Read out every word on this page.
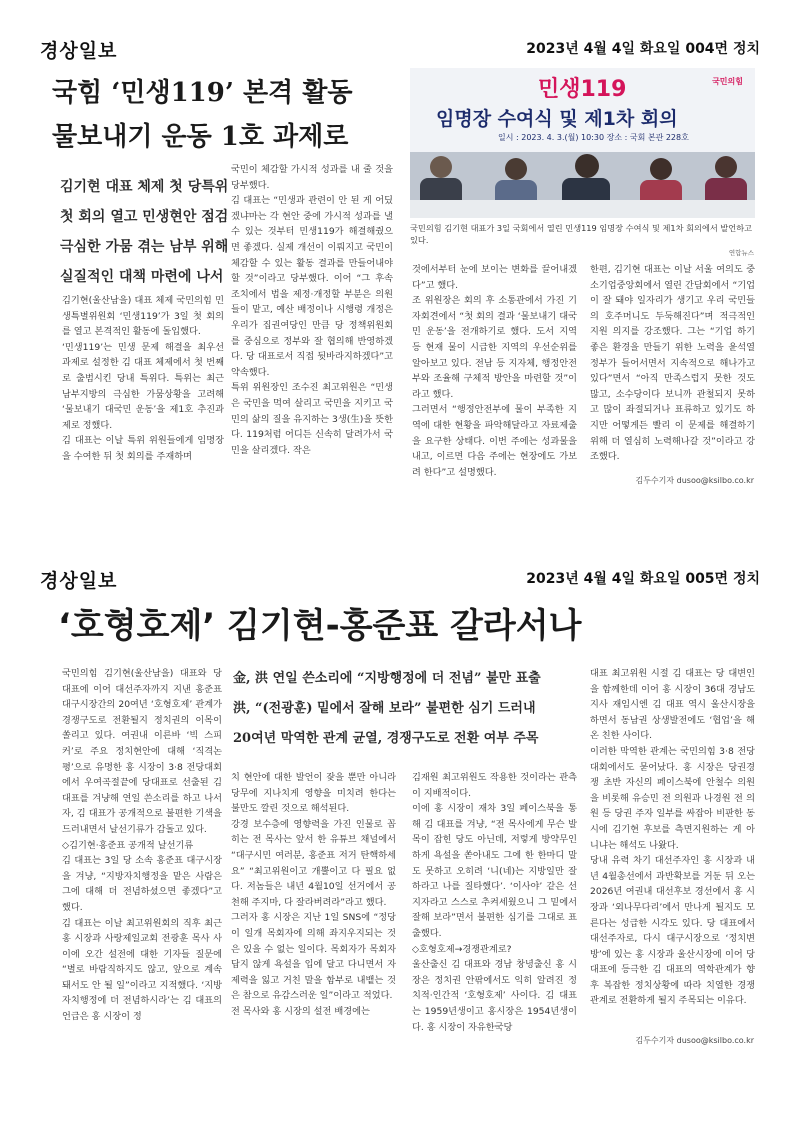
경상일보	2023년 4월 4일 화요일 004면 정치
국힘 ‘민생119’ 본격 활동
물보내기 운동 1호 과제로
김기현 대표 체제 첫 당특위
첫 회의 열고 민생현안 점검
극심한 가뭄 겪는 남부 위해
실질적인 대책 마련에 나서
민생119	국민의힘
임명장 수여식 및 제1차 회의
일시 : 2023. 4. 3.(월) 10:30 장소 : 국회 본관 228호
국민의힘 김기현 대표가 3일 국회에서 열린 민생119 임명장 수여식 및 제1차 회의에서 발언하고 있다.
연합뉴스
김기현(울산남을) 대표 체제 국민의힘 민생특별위원회 ‘민생119’가 3일 첫 회의를 열고 본격적인 활동에 돌입했다.
‘민생119’는 민생 문제 해결을 최우선 과제로 설정한 김 대표 체제에서 첫 번째로 출범시킨 당내 특위다. 특위는 최근 남부지방의 극심한 가뭄상황을 고려해 ‘물보내기 대국민 운동’을 제1호 추진과제로 정했다.
김 대표는 이날 특위 위원들에게 임명장을 수여한 뒤 첫 회의를 주재하며
국민이 체감할 가시적 성과를 내 줄 것을 당부했다.
김 대표는 “민생과 관련이 안 된 게 어딨겠냐마는 각 현안 중에 가시적 성과를 낼 수 있는 것부터 민생119가 해결해줬으면 좋겠다. 실제 개선이 이뤄지고 국민이 체감할 수 있는 활동 결과를 만들어내야 할 것”이라고 당부했다. 이어 “그 후속 조치에서 법을 제정·개정할 부분은 의원들이 맡고, 예산 배정이나 시행령 개정은 우리가 집권여당인 만큼 당 정책위원회를 중심으로 정부와 잘 협의해 반영하겠다. 당 대표로서 직접 뒷바라지하겠다”고 약속했다.
특위 위원장인 조수진 최고위원은 “민생은 국민을 먹여 살리고 국민을 지키고 국민의 삶의 질을 유지하는 3생(生)을 뜻한다. 119처럼 어디든 신속히 달려가서 국민을 살리겠다. 작은
것에서부터 눈에 보이는 변화를 끌어내겠다”고 했다.
조 위원장은 회의 후 소통관에서 가진 기자회견에서 “첫 회의 결과 ‘물보내기 대국민 운동’을 전개하기로 했다. 도서 지역 등 현재 물이 시급한 지역의 우선순위를 알아보고 있다. 전남 등 지자체, 행정안전부와 조율해 구체적 방안을 마련할 것”이라고 했다.
그러면서 “행정안전부에 물이 부족한 지역에 대한 현황을 파악해달라고 자료제출을 요구한 상태다. 이번 주에는 성과물을 내고, 이르면 다음 주에는 현장에도 가보려 한다”고 설명했다.
한편, 김기현 대표는 이날 서울 여의도 중소기업중앙회에서 열린 간담회에서 “기업이 잘 돼야 일자리가 생기고 우리 국민들의 호주머니도 두둑해진다”며 적극적인 지원 의지를 강조했다. 그는 “기업 하기 좋은 환경을 만들기 위한 노력을 윤석열 정부가 들어서면서 지속적으로 해나가고 있다”면서 “아직 만족스럽지 못한 것도 많고, 소수당이다 보니까 관철되지 못하고 많이 좌절되거나 표류하고 있기도 하지만 어떻게든 빨리 이 문제를 해결하기 위해 더 열심히 노력해나갈 것”이라고 강조했다.
김두수기자 dusoo@ksilbo.co.kr
경상일보	2023년 4월 4일 화요일 005면 정치
‘호형호제’ 김기현-홍준표 갈라서나
국민의힘 김기현(울산남을) 대표와 당 대표에 이어 대선주자까지 지낸 홍준표 대구시장간의 20여년 ‘호형호제’ 관계가 경쟁구도로 전환될지 정치권의 이목이 쏠리고 있다. 여권내 이른바 ‘빅 스피커’로 주요 정치현안에 대해 ‘직격논평’으로 유명한 홍 시장이 3·8 전당대회에서 우여곡절끝에 당대표로 선출된 김 대표를 겨냥해 연일 쓴소리를 하고 나서자, 김 대표가 공개적으로 불편한 기색을 드러내면서 날선기류가 감돌고 있다.
◇김기현·홍준표 공개적 날선기류
김 대표는 3일 당 소속 홍준표 대구시장을 겨냥, “지방자치행정을 맡은 사람은 그에 대해 더 전념하셨으면 좋겠다”고 했다.
김 대표는 이날 최고위원회의 직후 최근 홍 시장과 사랑제일교회 전광훈 목사 사이에 오간 설전에 대한 기자들 질문에 “별로 바람직하지도 않고, 앞으로 계속돼서도 안 될 일”이라고 지적했다. ‘지방자치행정에 더 전념하시라’는 김 대표의 언급은 홍 시장이 정
金, 洪 연일 쓴소리에 “지방행정에 더 전념” 불만 표출
洪, “(전광훈) 밑에서 잘해 보라” 불편한 심기 드러내
20여년 막역한 관계 균열, 경쟁구도로 전환 여부 주목
치 현안에 대한 발언이 잦을 뿐만 아니라 당무에 지나치게 영향을 미치려 한다는 불만도 깔린 것으로 해석된다.
강경 보수층에 영향력을 가진 인물로 꼽히는 전 목사는 앞서 한 유튜브 채널에서 “대구시민 여러분, 홍준표 저거 탄핵하세요” “최고위원이고 개뿔이고 다 필요 없다. 저놈들은 내년 4월10일 선거에서 공천해 주지마, 다 잘라버려라”라고 했다.
그러자 홍 시장은 지난 1일 SNS에 “정당이 일개 목회자에 의해 좌지우지되는 것은 있을 수 없는 일이다. 목회자가 목회자답지 않게 욕설을 입에 달고 다니면서 자제력을 잃고 거친 말을 함부로 내뱉는 것은 참으로 유감스러운 일”이라고 적었다.
전 목사와 홍 시장의 설전 배경에는
김재원 최고위원도 작용한 것이라는 관측이 지배적이다.
이에 홍 시장이 재차 3일 페이스북을 통해 김 대표를 겨냥, “전 목사에게 무슨 발목이 잡힌 당도 아닌데, 저렇게 방약무인하게 욕설을 쏟아내도 그에 한 한마디 말도 못하고 오히려 ‘니(네)는 지방일만 잘하라고 나를 질타했다’. ‘이사야’ 같은 선지자라고 스스로 추켜세웠으니 그 밑에서 잘해 보라”면서 불편한 심기를 그대로 표출했다.
◇호형호제→경쟁관계로?
울산출신 김 대표와 경남 창녕출신 홍 시장은 정치권 안팎에서도 익히 알려진 정치적·인간적 ‘호형호제’ 사이다. 김 대표는 1959년생이고 홍시장은 1954년생이다. 홍 시장이 자유한국당
대표 최고위원 시절 김 대표는 당 대변인을 함께한데 이어 홍 시장이 36대 경남도지사 재임시엔 김 대표 역시 울산시장을 하면서 동남권 상생발전에도 ‘협업’을 해온 친한 사이다.
이러한 막역한 관계는 국민의힘 3·8 전당대회에서도 묻어났다. 홍 시장은 당권경쟁 초반 자신의 페이스북에 안철수 의원을 비롯해 유승민 전 의원과 나경원 전 의원 등 당권 주자 일부를 싸잡아 비판한 동시에 김기현 후보를 측면지원하는 게 아니냐는 해석도 나왔다.
당내 유력 차기 대선주자인 홍 시장과 내년 4월총선에서 과반확보를 거둔 뒤 오는 2026년 여권내 대선후보 경선에서 홍 시장과 ‘외나무다리’에서 만나게 될지도 모른다는 성급한 시각도 있다. 당 대표에서 대선주자로, 다시 대구시장으로 ‘정치변방’에 있는 홍 시장과 울산시장에 이어 당 대표에 등극한 김 대표의 역학관계가 향후 복잡한 정치상황에 따라 치열한 경쟁관계로 전환하게 될지 주목되는 이유다.
김두수기자 dusoo@ksilbo.co.kr
